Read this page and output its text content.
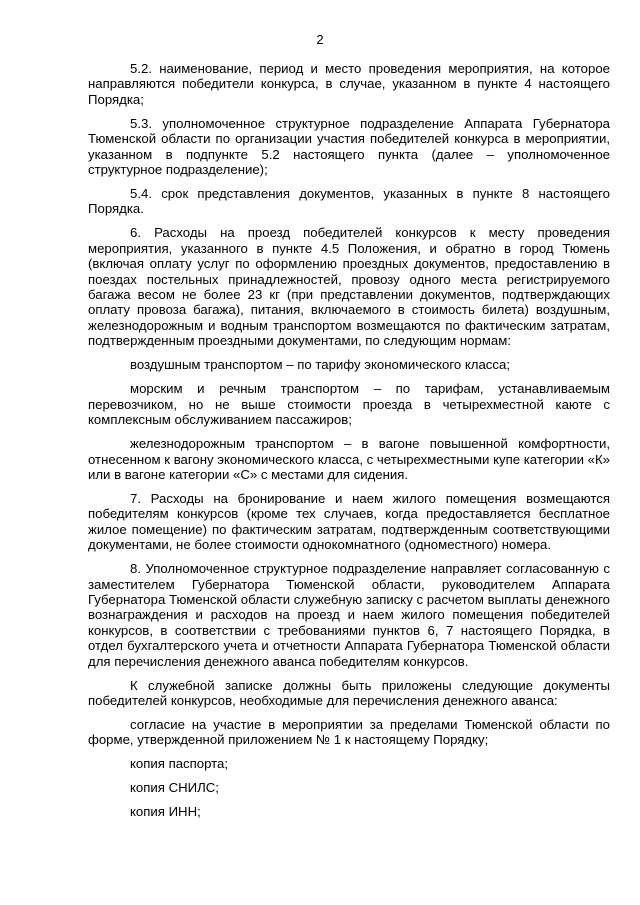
2

5.2. наименование, период и место проведения мероприятия, на которое направляются победители конкурса, в случае, указанном в пункте 4 настоящего Порядка;

5.3. уполномоченное структурное подразделение Аппарата Губернатора Тюменской области по организации участия победителей конкурса в мероприятии, указанном в подпункте 5.2 настоящего пункта (далее – уполномоченное структурное подразделение);

5.4. срок представления документов, указанных в пункте 8 настоящего Порядка.

6. Расходы на проезд победителей конкурсов к месту проведения мероприятия, указанного в пункте 4.5 Положения, и обратно в город Тюмень (включая оплату услуг по оформлению проездных документов, предоставлению в поездах постельных принадлежностей, провозу одного места регистрируемого багажа весом не более 23 кг (при представлении документов, подтверждающих оплату провоза багажа), питания, включаемого в стоимость билета) воздушным, железнодорожным и водным транспортом возмещаются по фактическим затратам, подтвержденным проездными документами, по следующим нормам:

воздушным транспортом – по тарифу экономического класса;

морским и речным транспортом – по тарифам, устанавливаемым перевозчиком, но не выше стоимости проезда в четырехместной каюте с комплексным обслуживанием пассажиров;

железнодорожным транспортом – в вагоне повышенной комфортности, отнесенном к вагону экономического класса, с четырехместными купе категории «К» или в вагоне категории «С» с местами для сидения.

7. Расходы на бронирование и наем жилого помещения возмещаются победителям конкурсов (кроме тех случаев, когда предоставляется бесплатное жилое помещение) по фактическим затратам, подтвержденным соответствующими документами, не более стоимости однокомнатного (одноместного) номера.

8. Уполномоченное структурное подразделение направляет согласованную с заместителем Губернатора Тюменской области, руководителем Аппарата Губернатора Тюменской области служебную записку с расчетом выплаты денежного вознаграждения и расходов на проезд и наем жилого помещения победителей конкурсов, в соответствии с требованиями пунктов 6, 7 настоящего Порядка, в отдел бухгалтерского учета и отчетности Аппарата Губернатора Тюменской области для перечисления денежного аванса победителям конкурсов.

К служебной записке должны быть приложены следующие документы победителей конкурсов, необходимые для перечисления денежного аванса:

согласие на участие в мероприятии за пределами Тюменской области по форме, утвержденной приложением № 1 к настоящему Порядку;

копия паспорта;

копия СНИЛС;

копия ИНН;
